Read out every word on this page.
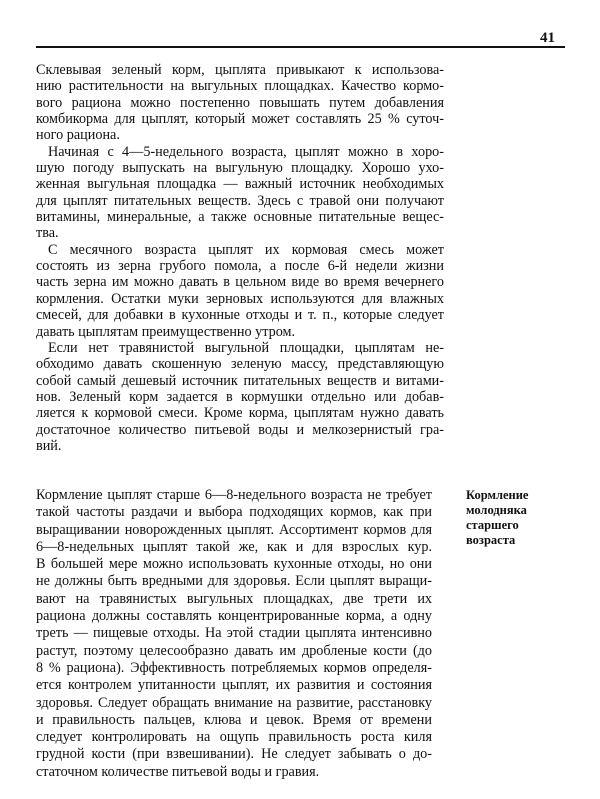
41
Склевывая зеленый корм, цыплята привыкают к использова-
нию растительности на выгульных площадках. Качество кормо-
вого рациона можно постепенно повышать путем добавления
комбикорма для цыплят, который может составлять 25 % суточ-
ного рациона.
Начиная с 4—5-недельного возраста, цыплят можно в хоро-
шую погоду выпускать на выгульную площадку. Хорошо ухо-
женная выгульная площадка — важный источник необходимых
для цыплят питательных веществ. Здесь с травой они получают
витамины, минеральные, а также основные питательные вещес-
тва.
С месячного возраста цыплят их кормовая смесь может
состоять из зерна грубого помола, а после 6-й недели жизни
часть зерна им можно давать в цельном виде во время вечернего
кормления. Остатки муки зерновых используются для влажных
смесей, для добавки в кухонные отходы и т. п., которые следует
давать цыплятам преимущественно утром.
Если нет травянистой выгульной площадки, цыплятам не-
обходимо давать скошенную зеленую массу, представляющую
собой самый дешевый источник питательных веществ и витами-
нов. Зеленый корм задается в кормушки отдельно или добав-
ляется к кормовой смеси. Кроме корма, цыплятам нужно давать
достаточное количество питьевой воды и мелкозернистый гра-
вий.
Кормление цыплят старше 6—8-недельного возраста не требует
такой частоты раздачи и выбора подходящих кормов, как при
выращивании новорожденных цыплят. Ассортимент кормов для
6—8-недельных цыплят такой же, как и для взрослых кур.
В большей мере можно использовать кухонные отходы, но они
не должны быть вредными для здоровья. Если цыплят выращи-
вают на травянистых выгульных площадках, две трети их
рациона должны составлять концентрированные корма, а одну
треть — пищевые отходы. На этой стадии цыплята интенсивно
растут, поэтому целесообразно давать им дробленые кости (до
8 % рациона). Эффективность потребляемых кормов определя-
ется контролем упитанности цыплят, их развития и состояния
здоровья. Следует обращать внимание на развитие, расстановку
и правильность пальцев, клюва и цевок. Время от времени
следует контролировать на ощупь правильность роста киля
грудной кости (при взвешивании). Не следует забывать о до-
статочном количестве питьевой воды и гравия.
Кормление
молодняка
старшего
возраста
